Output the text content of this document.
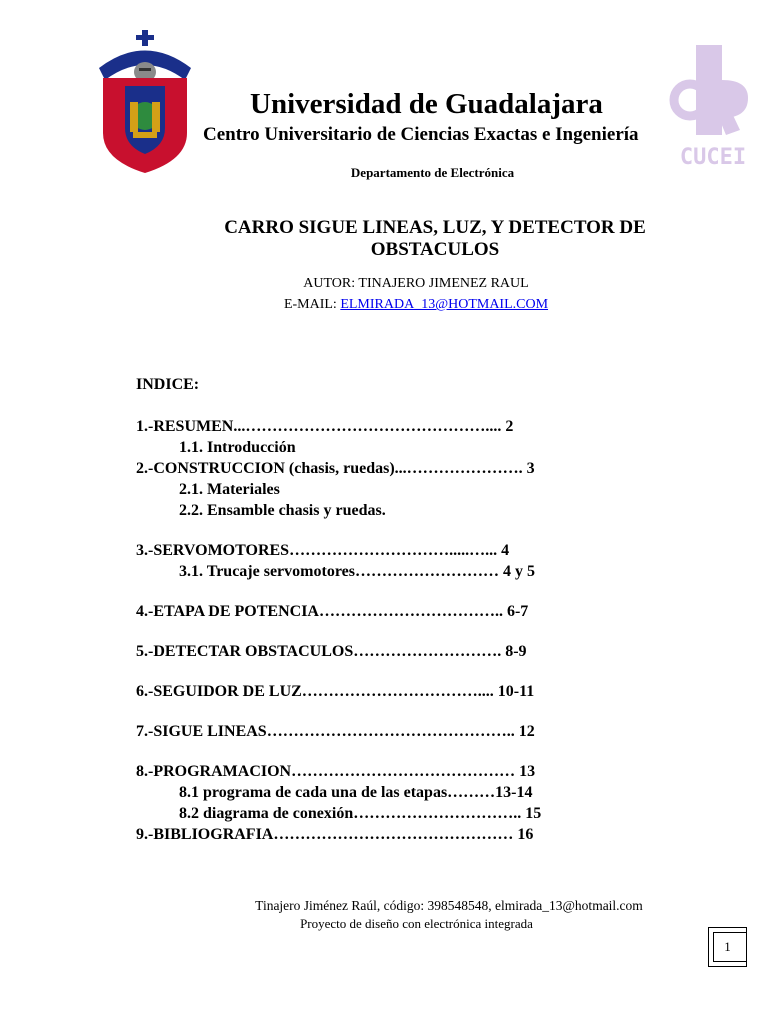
CUCEI
Universidad de Guadalajara
Centro Universitario de Ciencias Exactas e Ingeniería
Departamento de Electrónica
CARRO SIGUE LINEAS, LUZ, Y DETECTOR DE
OBSTACULOS
AUTOR: TINAJERO JIMENEZ RAUL
E-MAIL: ELMIRADA_13@HOTMAIL.COM
INDICE:
1.-RESUMEN...……………………………………….... 2
1.1. Introducción
2.-CONSTRUCCION (chasis, ruedas)...…………………. 3
2.1. Materiales
2.2. Ensamble chasis y ruedas.
3.-SERVOMOTORES………………………….....…... 4
3.1. Trucaje servomotores……………………… 4 y 5
4.-ETAPA DE POTENCIA…………………………….. 6-7
5.-DETECTAR OBSTACULOS………………………. 8-9
6.-SEGUIDOR DE LUZ…………………………….... 10-11
7.-SIGUE LINEAS……………………………………….. 12
8.-PROGRAMACION…………………………………… 13
8.1 programa de cada una de las etapas………13-14
8.2 diagrama de conexión………………………….. 15
9.-BIBLIOGRAFIA……………………………………… 16
Tinajero Jiménez Raúl, código: 398548548, elmirada_13@hotmail.com
Proyecto de diseño con electrónica integrada
1
